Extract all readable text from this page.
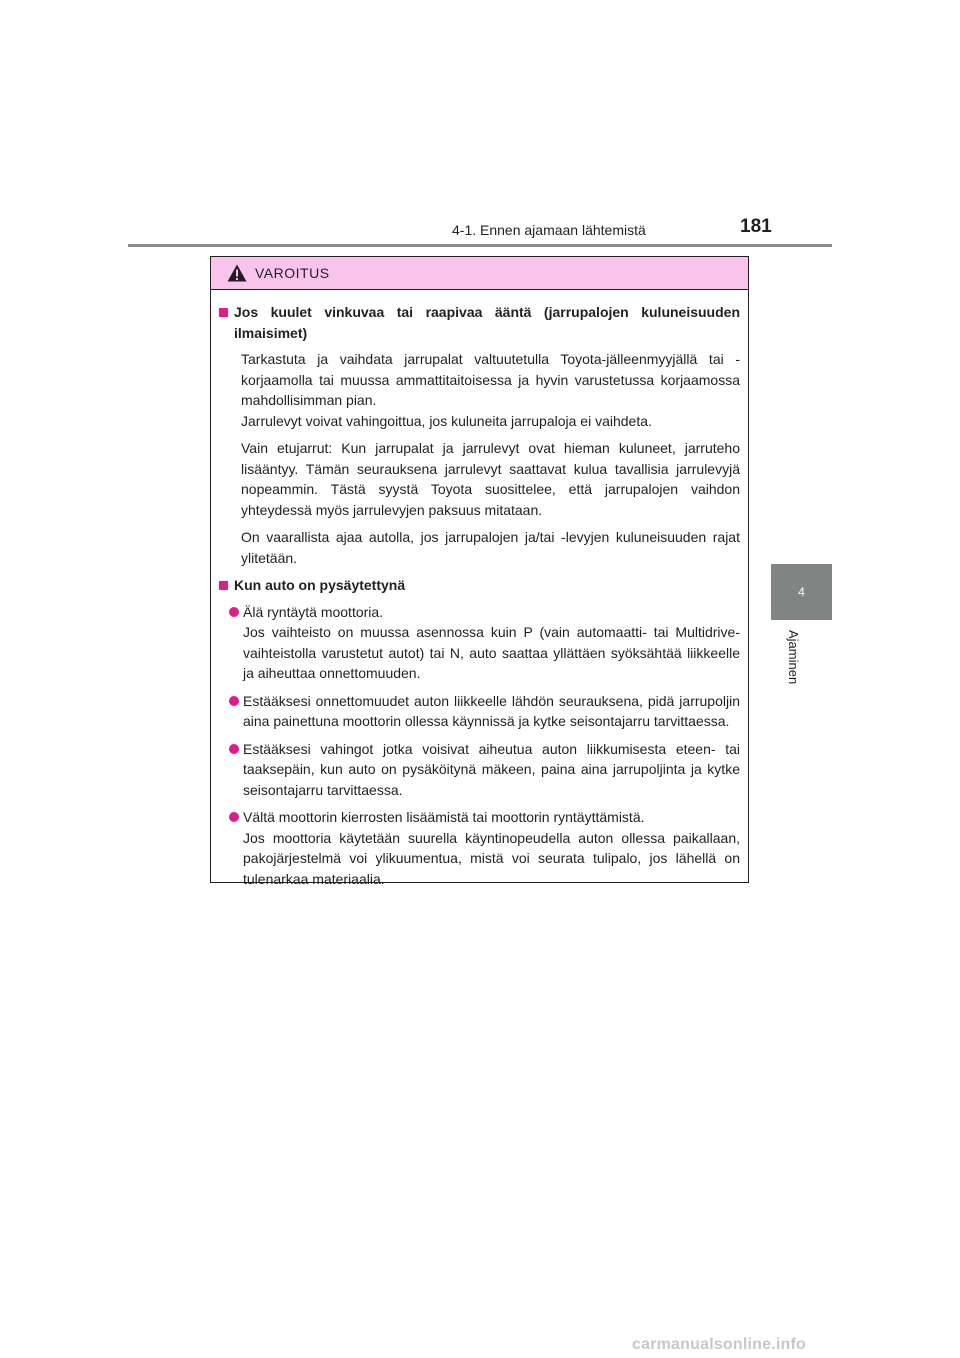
4-1. Ennen ajamaan lähtemistä	181
4
Ajaminen
VAROITUS
Jos kuulet vinkuvaa tai raapivaa ääntä (jarrupalojen kuluneisuuden ilmaisimet)
Tarkastuta ja vaihdata jarrupalat valtuutetulla Toyota-jälleenmyyjällä tai -korjaamolla tai muussa ammattitaitoisessa ja hyvin varustetussa korjaamossa mahdollisimman pian.
Jarrulevyt voivat vahingoittua, jos kuluneita jarrupaloja ei vaihdeta.
Vain etujarrut: Kun jarrupalat ja jarrulevyt ovat hieman kuluneet, jarruteho lisääntyy. Tämän seurauksena jarrulevyt saattavat kulua tavallisia jarrulevyjä nopeammin. Tästä syystä Toyota suosittelee, että jarrupalojen vaihdon yhteydessä myös jarrulevyjen paksuus mitataan.
On vaarallista ajaa autolla, jos jarrupalojen ja/tai -levyjen kuluneisuuden rajat ylitetään.
Kun auto on pysäytettynä
Älä ryntäytä moottoria.
Jos vaihteisto on muussa asennossa kuin P (vain automaatti- tai Multidrive-vaihteistolla varustetut autot) tai N, auto saattaa yllättäen syöksähtää liikkeelle ja aiheuttaa onnettomuuden.
Estääksesi onnettomuudet auton liikkeelle lähdön seurauksena, pidä jarrupoljin aina painettuna moottorin ollessa käynnissä ja kytke seisontajarru tarvittaessa.
Estääksesi vahingot jotka voisivat aiheutua auton liikkumisesta eteen- tai taaksepäin, kun auto on pysäköitynä mäkeen, paina aina jarrupoljinta ja kytke seisontajarru tarvittaessa.
Vältä moottorin kierrosten lisäämistä tai moottorin ryntäyttämistä.
Jos moottoria käytetään suurella käyntinopeudella auton ollessa paikallaan, pakojärjestelmä voi ylikuumentua, mistä voi seurata tulipalo, jos lähellä on tulenarkaa materiaalia.
carmanualsonline.info
